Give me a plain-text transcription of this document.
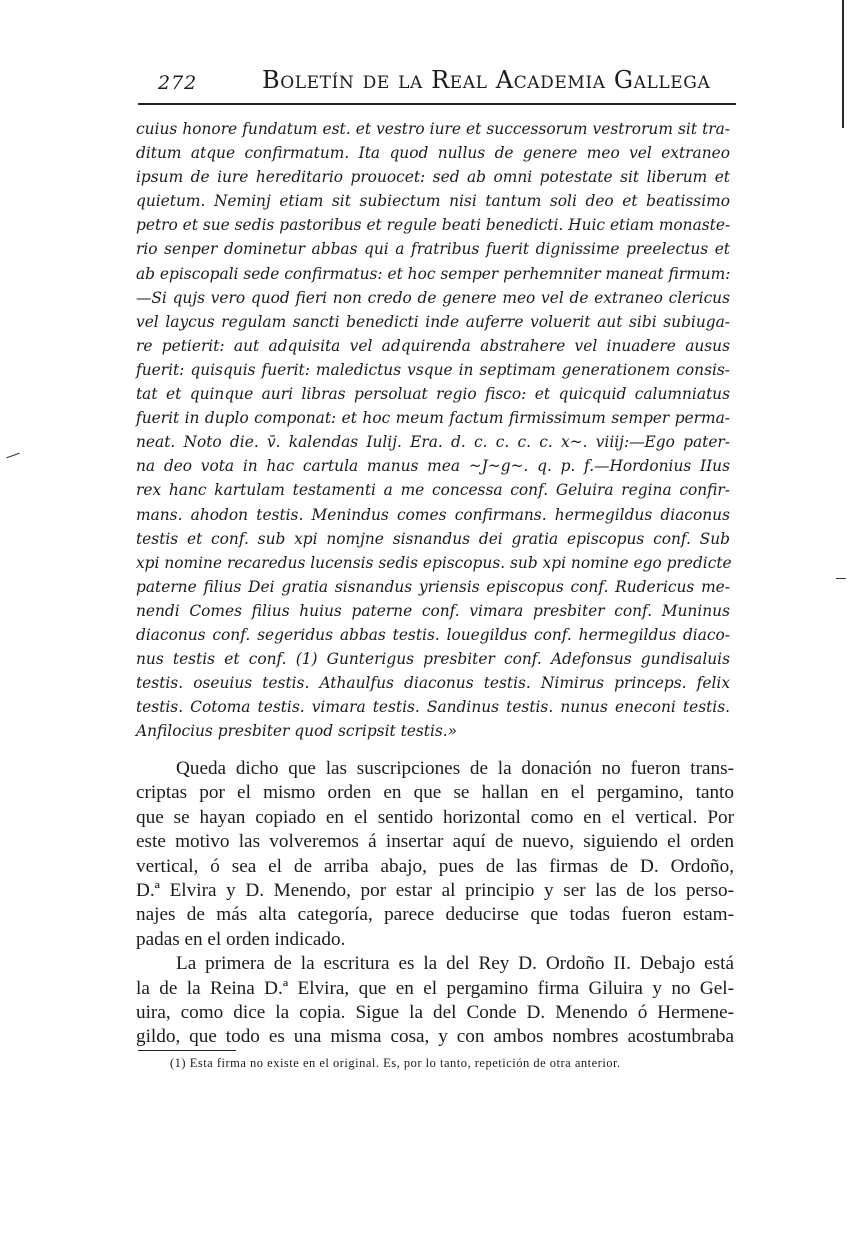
272	Boletín de la Real Academia Gallega
cuius honore fundatum est. et vestro iure et successorum vestrorum sit tra-
ditum atque confirmatum. Ita quod nullus de genere meo vel extraneo
ipsum de iure hereditario prouocet: sed ab omni potestate sit liberum et
quietum. Neminj etiam sit subiectum nisi tantum soli deo et beatissimo
petro et sue sedis pastoribus et regule beati benedicti. Huic etiam monaste-
rio senper dominetur abbas qui a fratribus fuerit dignissime preelectus et
ab episcopali sede confirmatus: et hoc semper perhemniter maneat firmum:
—Si qujs vero quod fieri non credo de genere meo vel de extraneo clericus
vel laycus regulam sancti benedicti inde auferre voluerit aut sibi subiuga-
re petierit: aut adquisita vel adquirenda abstrahere vel inuadere ausus
fuerit: quisquis fuerit: maledictus vsque in septimam generationem consis-
tat et quinque auri libras persoluat regio fisco: et quicquid calumniatus
fuerit in duplo componat: et hoc meum factum firmissimum semper perma-
neat. Noto die. v̄. kalendas Iulij. Era. d. c. c. c. c. x~. viiij:—Ego pater-
na deo vota in hac cartula manus mea ~J~g~. q. p. f.—Hordonius IIus
rex hanc kartulam testamenti a me concessa conf. Geluira regina confir-
mans. ahodon testis. Menindus comes confirmans. hermegildus diaconus
testis et conf. sub xpi nomjne sisnandus dei gratia episcopus conf. Sub
xpi nomine recaredus lucensis sedis episcopus. sub xpi nomine ego predicte
paterne filius Dei gratia sisnandus yriensis episcopus conf. Rudericus me-
nendi Comes filius huius paterne conf. vimara presbiter conf. Muninus
diaconus conf. segeridus abbas testis. louegildus conf. hermegildus diaco-
nus testis et conf. (1) Gunterigus presbiter conf. Adefonsus gundisaluis
testis. oseuius testis. Athaulfus diaconus testis. Nimirus princeps. felix
testis. Cotoma testis. vimara testis. Sandinus testis. nunus eneconi testis.
Anfilocius presbiter quod scripsit testis.»
Queda dicho que las suscripciones de la donación no fueron trans-
criptas por el mismo orden en que se hallan en el pergamino, tanto
que se hayan copiado en el sentido horizontal como en el vertical. Por
este motivo las volveremos á insertar aquí de nuevo, siguiendo el orden
vertical, ó sea el de arriba abajo, pues de las firmas de D. Ordoño,
D.ª Elvira y D. Menendo, por estar al principio y ser las de los perso-
najes de más alta categoría, parece deducirse que todas fueron estam-
padas en el orden indicado.
La primera de la escritura es la del Rey D. Ordoño II. Debajo está
la de la Reina D.ª Elvira, que en el pergamino firma Giluira y no Gel-
uira, como dice la copia. Sigue la del Conde D. Menendo ó Hermene-
gildo, que todo es una misma cosa, y con ambos nombres acostumbraba
(1) Esta firma no existe en el original. Es, por lo tanto, repetición de otra anterior.
